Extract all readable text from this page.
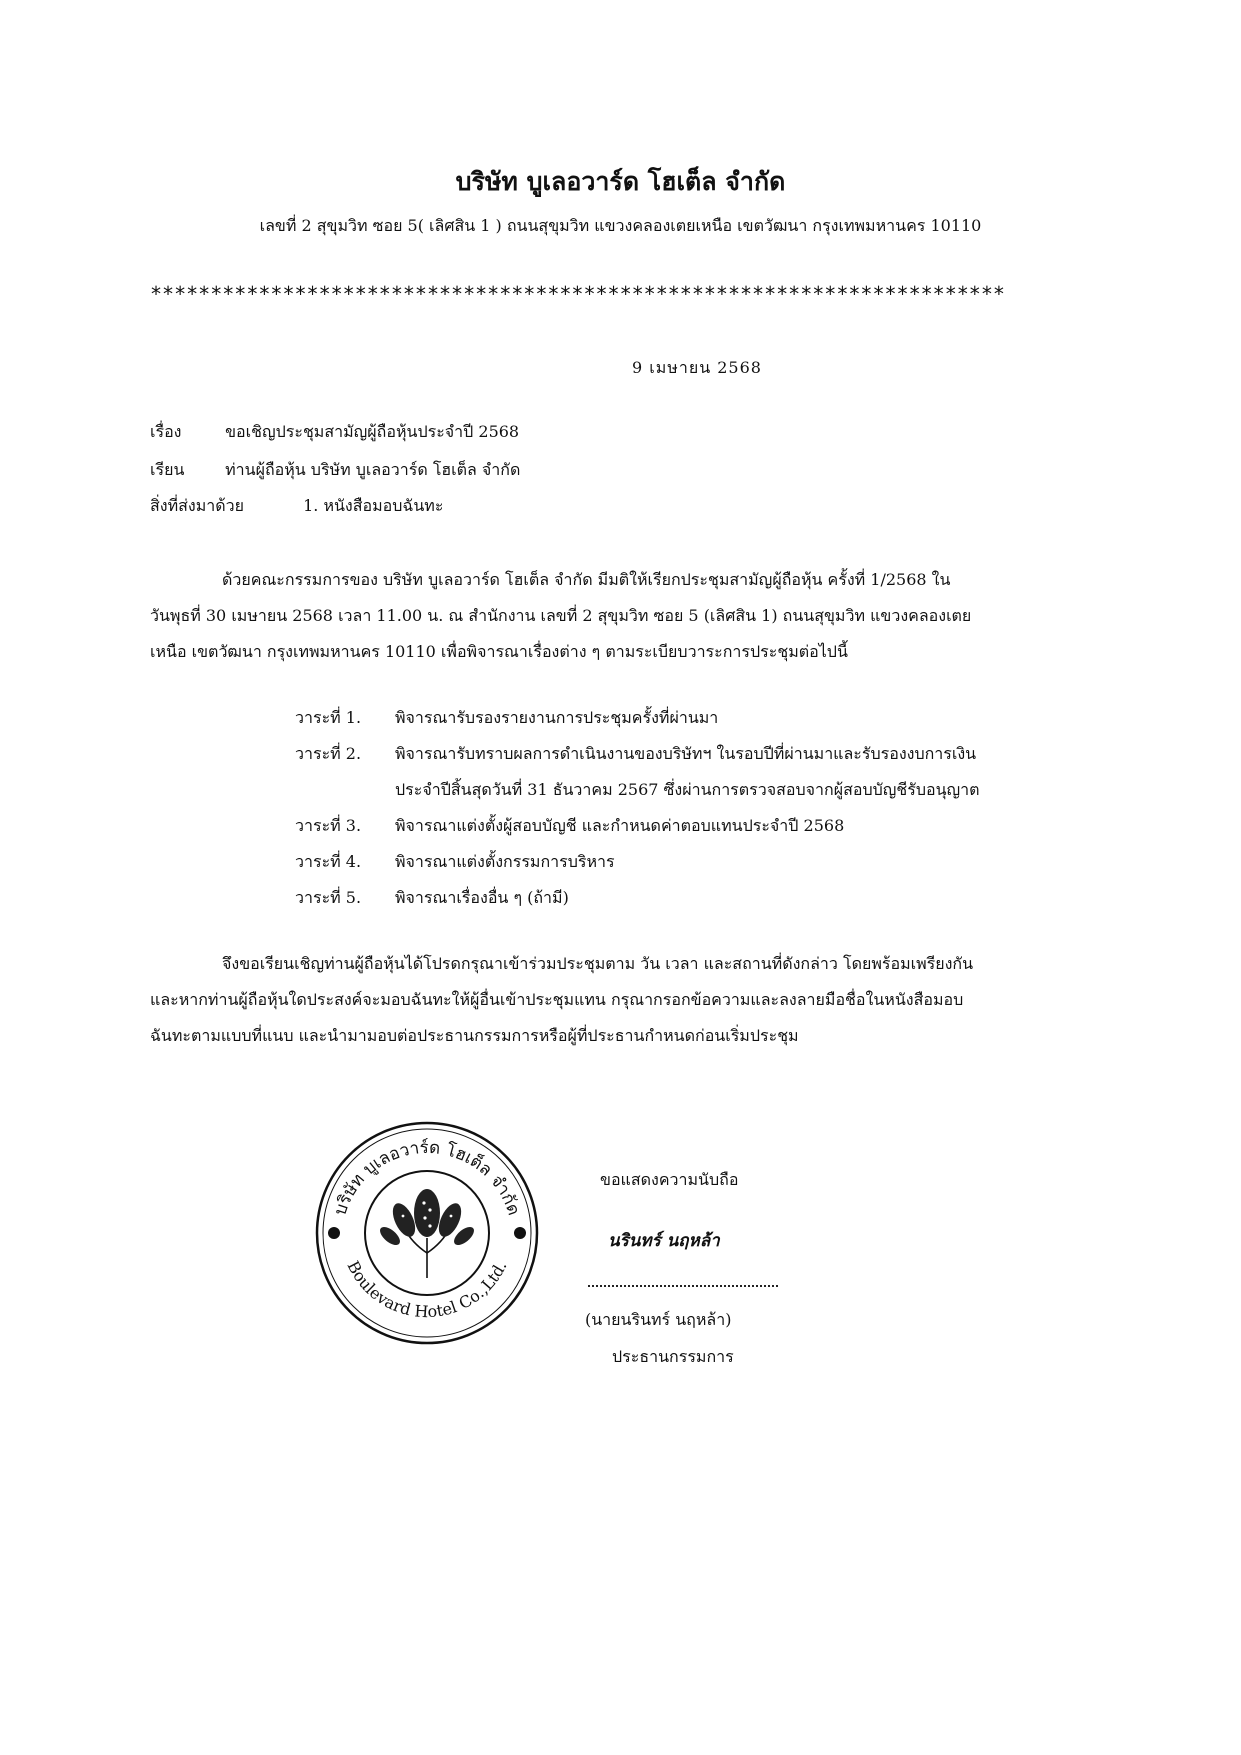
บริษัท บูเลอวาร์ด โฮเต็ล จำกัด
เลขที่ 2 สุขุมวิท ซอย 5( เลิศสิน 1 ) ถนนสุขุมวิท แขวงคลองเตยเหนือ เขตวัฒนา กรุงเทพมหานคร 10110
***********************************************************************
9 เมษายน 2568
เรื่อง	ขอเชิญประชุมสามัญผู้ถือหุ้นประจำปี 2568
เรียน	ท่านผู้ถือหุ้น บริษัท บูเลอวาร์ด โฮเต็ล จำกัด
สิ่งที่ส่งมาด้วย	1. หนังสือมอบฉันทะ
ด้วยคณะกรรมการของ บริษัท บูเลอวาร์ด โฮเต็ล จำกัด มีมติให้เรียกประชุมสามัญผู้ถือหุ้น ครั้งที่ 1/2568 ใน
วันพุธที่ 30 เมษายน 2568 เวลา 11.00 น. ณ สำนักงาน เลขที่ 2 สุขุมวิท ซอย 5 (เลิศสิน 1) ถนนสุขุมวิท แขวงคลองเตย
เหนือ เขตวัฒนา กรุงเทพมหานคร 10110 เพื่อพิจารณาเรื่องต่าง ๆ ตามระเบียบวาระการประชุมต่อไปนี้
วาระที่ 1. พิจารณารับรองรายงานการประชุมครั้งที่ผ่านมา
วาระที่ 2. พิจารณารับทราบผลการดำเนินงานของบริษัทฯ ในรอบปีที่ผ่านมาและรับรองงบการเงิน
ประจำปีสิ้นสุดวันที่ 31 ธันวาคม 2567 ซึ่งผ่านการตรวจสอบจากผู้สอบบัญชีรับอนุญาต
วาระที่ 3. พิจารณาแต่งตั้งผู้สอบบัญชี และกำหนดค่าตอบแทนประจำปี 2568
วาระที่ 4. พิจารณาแต่งตั้งกรรมการบริหาร
วาระที่ 5. พิจารณาเรื่องอื่น ๆ (ถ้ามี)
จึงขอเรียนเชิญท่านผู้ถือหุ้นได้โปรดกรุณาเข้าร่วมประชุมตาม วัน เวลา และสถานที่ดังกล่าว โดยพร้อมเพรียงกัน
และหากท่านผู้ถือหุ้นใดประสงค์จะมอบฉันทะให้ผู้อื่นเข้าประชุมแทน กรุณากรอกข้อความและลงลายมือชื่อในหนังสือมอบ
ฉันทะตามแบบที่แนบ และนำมามอบต่อประธานกรรมการหรือผู้ที่ประธานกำหนดก่อนเริ่มประชุม
บริษัท บูเลอวาร์ด โฮเต็ล จำกัด
Boulevard Hotel Co.,Ltd.
ขอแสดงความนับถือ
นรินทร์ นฤหล้า
(นายนรินทร์ นฤหล้า)
ประธานกรรมการ
